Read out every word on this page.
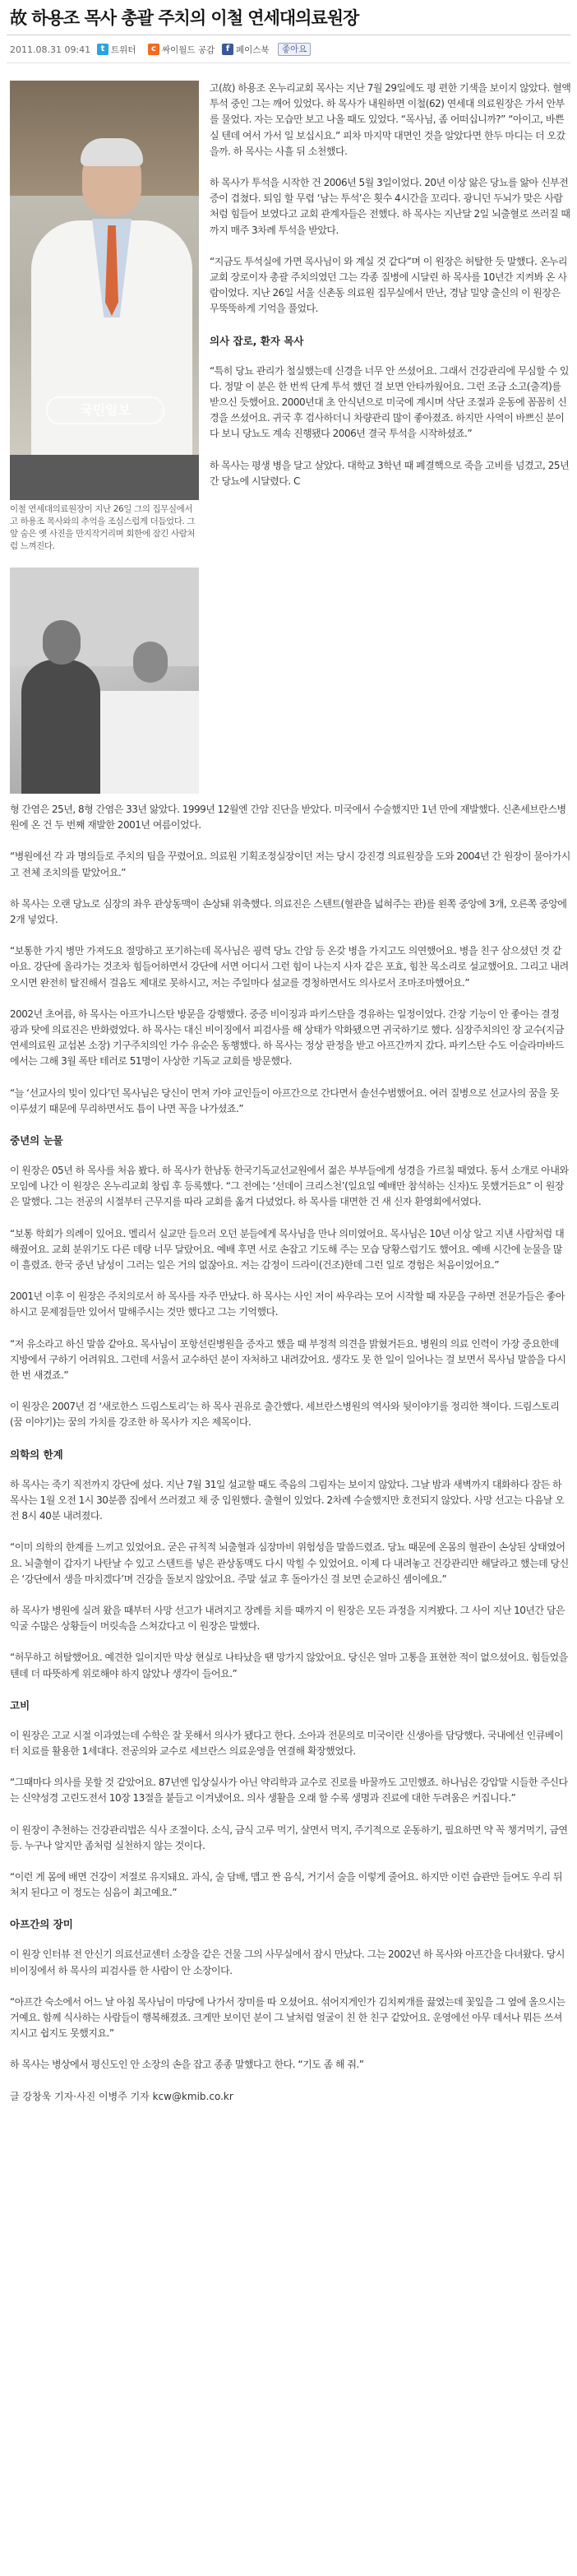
故 하용조 목사 총괄 주치의 이철 연세대의료원장
2011.08.31 09:41	t 트위터	c 싸이월드 공감	f 페이스북	좋아요
국민일보
이철 연세대의료원장이 지난 26일 그의 집무실에서 고 하용조 목사와의 추억을 조심스럽게 더듬었다. 그 앞 숨은 옛 사진을 만지작거리며 회한에 잠긴 사람처럼 느껴진다.

고(故) 하용조 온누리교회 목사는 지난 7월 29일에도 평 편한 기색을 보이지 않았다. 혈액투석 중인 그는 깨어 있었다. 하 목사가 내원하면 이철(62) 연세대 의료원장은 가서 안부를 물었다. 자는 모습만 보고 나올 때도 있었다. “목사님, 좀 어떠십니까?” “아이고, 바쁜실 텐데 여서 가서 일 보십시요.” 피차 마지막 대면인 것을 알았다면 한두 마디는 더 오갔을까. 하 목사는 사흘 뒤 소천했다.

하 목사가 투석을 시작한 건 2006년 5월 3일이었다. 20년 이상 앓은 당뇨를 앓아 신부전증이 겹쳤다. 퇴임 할 무렵 ‘남는 투석’은 횟수 4시간을 꼬리다. 광니던 두뇌가 맞은 사람처럼 힘들어 보였다고 교회 관계자들은 전했다. 하 목사는 지난달 2일 뇌출혈로 쓰러질 때까지 매주 3차례 투석을 받았다.

“지금도 투석실에 가면 목사님이 와 계실 것 같다”며 이 원장은 허탈한 듯 말했다. 온누리교회 장로이자 총괄 주치의였던 그는 각종 질병에 시달린 하 목사를 10년간 지켜봐 온 사람이었다. 지난 26일 서울 신촌동 의료원 집무실에서 만난, 경남 밀양 출신의 이 원장은 무뚝뚝하게 기억을 풀었다.

의사 잡로, 환자 목사

“특히 당뇨 관리가 철실했는데 신경을 너무 안 쓰셨어요. 그래서 건강관리에 무심할 수 있다. 정말 이 분은 한 번씩 단계 투석 했던 걸 보면 안타까웠어요. 그런 조금 소고(출격)를 받으신 듯했어요. 2000년대 초 안식년으로 미국에 계시며 삭단 조절과 운동에 꼼꼼히 신경을 쓰셨어요. 귀국 후 검사하더니 차량관리 많이 좋아졌죠. 하지만 사역이 바쁘신 분이다 보니 당뇨도 계속 진행됐다 2006년 결국 투석을 시작하셨죠.”

하 목사는 평생 병을 달고 살았다. 대학교 3학년 때 폐결핵으로 죽을 고비를 넘겼고, 25년간 당뇨에 시달렸다. C

형 간염은 25년, 8형 간염은 33년 앓았다. 1999년 12월엔 간암 진단을 받았다. 미국에서 수술했지만 1년 만에 재발했다. 신촌세브란스병원에 온 건 두 번째 재발한 2001년 여름이었다.

“병원에선 각 과 명의들로 주치의 팀을 꾸렸어요. 의료원 기획조정실장이던 저는 당시 강진경 의료원장을 도와 2004년 간 원장이 물아가시고 전체 조치의를 맡았어요.”

하 목사는 오랜 당뇨로 심장의 좌우 관상동맥이 손상돼 위축했다. 의료진은 스텐트(혈관을 넓혀주는 관)를 왼쪽 중앙에 3개, 오른쪽 중앙에 2개 넣었다.

“보통한 가지 병만 가져도요 절망하고 포기하는데 목사님은 굉력 당뇨 간암 등 온갖 병을 가지고도 의연했어요. 병을 친구 삼으셨던 것 같아요. 강단에 올라가는 것조차 힘들어하면서 강단에 서면 어디서 그런 힘이 나는지 사자 같은 포효, 힘찬 목소리로 설교했어요. 그리고 내려오시면 완전히 탈진해서 걸음도 제대로 못하시고, 저는 주일마다 설교를 경청하면서도 의사로서 조마조마했어요.”

2002년 초여름, 하 목사는 아프가니스탄 방문을 강행했다. 중증 비이징과 파키스탄을 경유하는 일정이었다. 간장 기능이 안 좋아는 결정 광과 탓에 의료진은 반화렸었다. 하 목사는 대신 비이징에서 피검사를 해 상태가 악화됐으면 귀국하기로 했다. 심장주치의인 장 교수(지금 연세의료원 교섭본 소장) 기구주치의인 가수 유순은 동행했다. 하 목사는 정상 판정을 받고 아프간까지 갔다. 파키스탄 수도 이슬라마바드에서는 그해 3월 폭탄 테러로 51명이 사상한 기독교 교회를 방문했다.

“늘 ‘선교사의 빚이 있다’던 목사님은 당신이 먼저 가야 교인들이 아프간으로 간다면서 솔선수범했어요. 여러 질병으로 선교사의 꿈을 못 이루셨기 때문에 무리하면서도 틈이 나면 꼭을 나가셨죠.”

중년의 눈물

이 원장은 05년 하 목사를 처음 봤다. 하 목사가 한남동 한국기독교선교원에서 젊은 부부들에게 성경을 가르칠 때였다. 동서 소개로 아내와 모임에 나간 이 원장은 온누리교회 창립 후 등록했다. “그 전에는 ‘선데이 크리스천’(일요일 예배만 참석하는 신자)도 못했거든요” 이 원장은 말했다. 그는 전공의 시절부터 근무지를 따라 교회를 옮겨 다녔었다. 하 목사를 대면한 건 새 신자 환영회에서였다.

“보통 학회가 의례이 있어요. 멜리서 실교만 들으러 오던 분들에게 목사님을 만나 의미였어요. 목사님은 10년 이상 알고 지낸 사람처럼 대해줬어요. 교회 분위기도 다른 데랑 너무 달랐어요. 예배 후면 서로 손잡고 기도해 주는 모습 당황스럽기도 했어요. 예배 시간에 눈물을 많이 흘렸죠. 한국 중년 남성이 그러는 일은 거의 없잖아요. 저는 감정이 드라이(건조)한데 그런 일로 경험은 처음이었어요.”

2001년 이후 이 원장은 주치의로서 하 목사를 자주 만났다. 하 목사는 사인 저이 싸우라는 모어 시작할 때 자문을 구하면 전문가들은 좋아하시고 문제점들만 있어서 말해주시는 것만 했다고 그는 기억했다.

“저 유소라고 하신 말씀 같아요. 목사님이 포항선린병원을 증자고 했을 때 부정적 의견을 밝혔거든요. 병원의 의료 인력이 가장 중요한데 지방에서 구하기 어려워요. 그런데 서울서 교수하던 분이 자처하고 내려갔어요. 생각도 못 한 일이 일어나는 걸 보면서 목사님 말씀을 다시 한 번 새겼죠.”

이 원장은 2007년 검 ‘새로한스 드림스토리’는 하 목사 권유로 출간했다. 세브란스병원의 역사와 뒷이야기를 정리한 책이다. 드림스토리(꿈 이야기)는 꿈의 가치를 강조한 하 목사가 지은 제목이다.

의학의 한계

하 목사는 죽기 직전까지 강단에 섰다. 지난 7월 31일 설교할 때도 죽음의 그림자는 보이지 않았다. 그날 밤과 새벽까지 대화하다 잠든 하 목사는 1월 오전 1시 30분쯤 집에서 쓰러졌고 채 중 입원했다. 출혈이 있었다. 2차례 수술했지만 호전되지 않았다. 사망 선고는 다음날 오전 8시 40분 내려졌다.

“이미 의학의 한계를 느끼고 있었어요. 굳은 규칙적 뇌출혈과 심장마비 위험성을 말씀드렸죠. 당뇨 때문에 온몸의 혈관이 손상된 상태였어요. 뇌출혈이 갑자기 나탄날 수 있고 스텐트를 넣은 관상동맥도 다시 막힐 수 있었어요. 이제 다 내려놓고 건강관리만 해달라고 했는데 당신은 ‘강단에서 생을 마치겠다’며 건강을 돌보지 않았어요. 주말 설교 후 돌아가신 걸 보면 순교하신 셈이에요.”

하 목사가 병원에 실려 왔을 때부터 사망 선고가 내려지고 장례를 치를 때까지 이 원장은 모든 과정을 지켜봤다. 그 사이 지난 10년간 담은 익굴 수많은 상황들이 머릿속을 스쳐갔다고 이 원장은 말했다.

“허무하고 허탈했어요. 예견한 일이지만 막상 현실로 나타났을 땐 망가지 않았어요. 당신은 얼마 고통을 표현한 적이 없으셨어요. 힘들었을 텐데 더 따뜻하게 위로해야 하지 않았나 생각이 들어요.”

고비

이 원장은 고교 시절 이과였는데 수학은 잘 못해서 의사가 됐다고 한다. 소아과 전문의로 미국이란 신생아를 담당했다. 국내에선 인큐베이터 치료를 활용한 1세대다. 전공의와 교수로 세브란스 의료운영을 연결해 확장했었다.

“그때마다 의사를 못할 것 같았어요. 87년엔 입상실사가 아닌 약리학과 교수로 진로를 바꿀까도 고민했죠. 하나님은 강압말 시들한 주신다는 신약성경 고린도전서 10장 13절을 붙들고 이겨냈어요. 의사 생활을 오래 할 수록 생명과 진료에 대한 두려움은 커집니다.”

이 원장이 추천하는 건강관리법은 식사 조절이다. 소식, 금식 고루 먹기, 살면서 먹지, 주기적으로 운동하기, 필요하면 약 꼭 챙겨먹기, 금연 등. 누구나 알지만 좀처럼 실천하지 않는 것이다.

“이런 게 몸에 배면 건강이 저절로 유지돼요. 과식, 술 담배, 맵고 짠 음식, 거기서 술을 이렇게 줄어요. 하지만 이런 습관만 들여도 우리 뒤처지 된다고 이 정도는 심음이 최고예요.”

아프간의 장미

이 원장 인터뷰 전 안신기 의료선교센터 소장을 같은 건물 그의 사무실에서 잠시 만났다. 그는 2002년 하 목사와 아프간을 다녀왔다. 당시 비이징에서 하 목사의 피검사를 한 사람이 안 소장이다.

“아프간 숙소에서 어느 날 아침 목사님이 마당에 나가서 장미를 따 오셨어요. 섞어지게인가 김치찌개를 끓였는데 꽃잎을 그 옆에 올으시는 거예요. 함께 식사하는 사람들이 행복해졌죠. 크게만 보이던 분이 그 날처럼 얼굴이 친 한 친구 같았어요. 운영에선 아무 데서나 뭐든 쓰셔지시고 쉽지도 못했지요.”

하 목사는 병상에서 평신도인 안 소장의 손을 잡고 종종 말했다고 한다. “기도 좀 해 줘.”

글 강창욱 기자·사진 이병주 기자 kcw@kmib.co.kr
